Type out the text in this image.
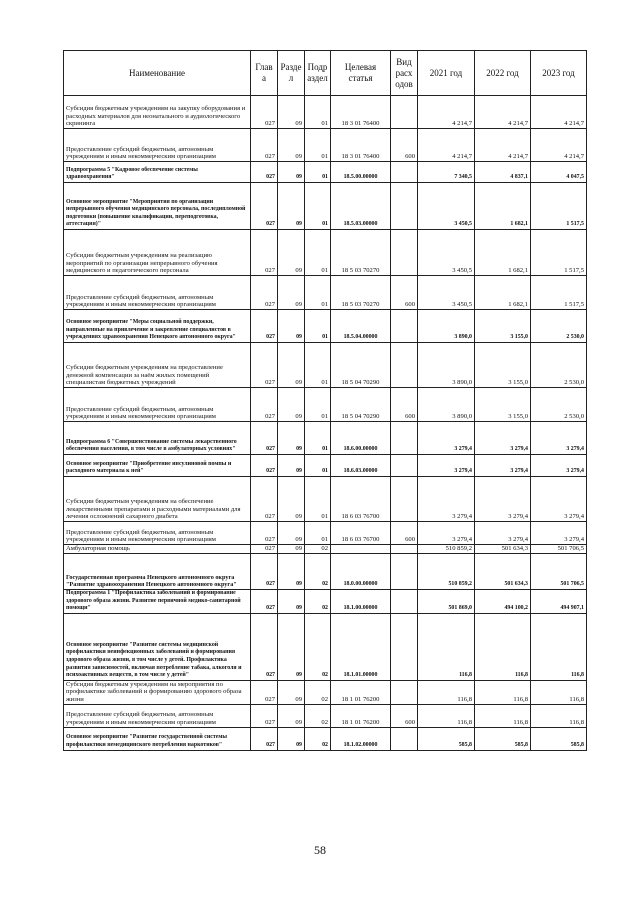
Наименование	Глав а	Разде л	Подр аздел	Целевая статья	Вид расх одов	2021 год	2022 год	2023 год
Субсидия бюджетным учреждениям на закупку оборудования и расходных материалов для неонатального и аудиологического скрининга	027	09	01	18 3 01 76400		4 214,7	4 214,7	4 214,7
Предоставление субсидий бюджетным, автономным учреждениям и иным некоммерческим организациям	027	09	01	18 3 01 76400	600	4 214,7	4 214,7	4 214,7
Подпрограмма 5 "Кадровое обеспечение системы здравоохранения"	027	09	01	18.5.00.00000		7 340,5	4 837,1	4 047,5
Основное мероприятие "Мероприятия по организации непрерывного обучения медицинского персонала, последипломной подготовки (повышение квалификации, переподготовка, аттестация)"	027	09	01	18.5.03.00000		3 450,5	1 682,1	1 517,5
Субсидии бюджетным учреждениям на реализацию мероприятий по организации непрерывного обучения медицинского и педагогического персонала	027	09	01	18 5 03 70270		3 450,5	1 682,1	1 517,5
Предоставление субсидий бюджетным, автономным учреждениям и иным некоммерческим организациям	027	09	01	18 5 03 70270	600	3 450,5	1 682,1	1 517,5
Основное мероприятие "Меры социальной поддержки, направленные на привлечение и закрепление специалистов в учреждениях здравоохранения Ненецкого автономного округа"	027	09	01	18.5.04.00000		3 890,0	3 155,0	2 530,0
Субсидии бюджетным учреждениям на предоставление денежной компенсации за наём жилых помещений специалистам бюджетных учреждений	027	09	01	18 5 04 70290		3 890,0	3 155,0	2 530,0
Предоставление субсидий бюджетным, автономным учреждениям и иным некоммерческим организациям	027	09	01	18 5 04 70290	600	3 890,0	3 155,0	2 530,0
Подпрограмма 6 "Совершенствование системы лекарственного обеспечения населения, в том числе в амбулаторных условиях"	027	09	01	18.6.00.00000		3 279,4	3 279,4	3 279,4
Основное мероприятие "Приобретение инсулиновой помпы и расходного материала к ней"	027	09	01	18.6.03.00000		3 279,4	3 279,4	3 279,4
Субсидии бюджетным учреждениям на обеспечение лекарственными препаратами и расходными материалами для лечения осложнений сахарного диабета	027	09	01	18 6 03 76700		3 279,4	3 279,4	3 279,4
Предоставление субсидий бюджетным, автономным учреждениям и иным некоммерческим организациям	027	09	01	18 6 03 76700	600	3 279,4	3 279,4	3 279,4
Амбулаторная помощь	027	09	02			510 859,2	501 634,3	501 706,5
Государственная программа Ненецкого автономного округа "Развитие здравоохранения Ненецкого автономного округа"	027	09	02	18.0.00.00000		510 859,2	501 634,3	501 706,5
Подпрограмма 1 "Профилактика заболеваний и формирование здорового образа жизни. Развитие первичной медико-санитарной помощи"	027	09	02	18.1.00.00000		501 869,0	494 100,2	494 907,1
Основное мероприятие "Развитие системы медицинской профилактики неинфекционных заболеваний и формирования здорового образа жизни, в том числе у детей. Профилактика развития зависимостей, включая потребление табака, алкоголя и психоактивных веществ, в том числе у детей"	027	09	02	18.1.01.00000		116,8	116,8	116,8
Субсидия бюджетным учреждениям на мероприятия по профилактике заболеваний и формированию здорового образа жизни	027	09	02	18 1 01 76200		116,8	116,8	116,8
Предоставление субсидий бюджетным, автономным учреждениям и иным некоммерческим организациям	027	09	02	18 1 01 76200	600	116,8	116,8	116,8
Основное мероприятие "Развитие государственной системы профилактики немедицинского потребления наркотиков"	027	09	02	18.1.02.00000		585,8	585,8	585,8
58
